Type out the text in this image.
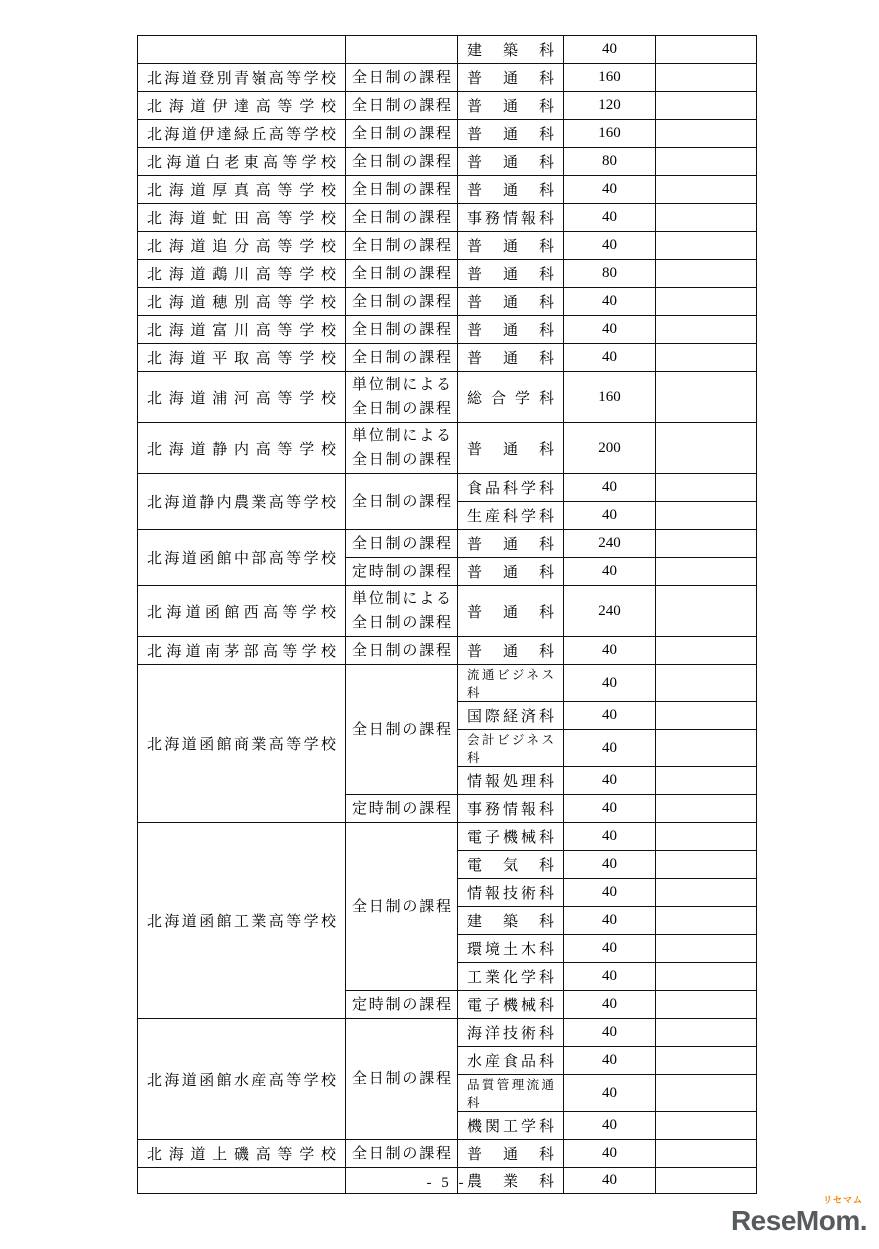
		建築科	40	

北海道登別青嶺高等学校	全日制の課程	普通科	160	

北海道伊達高等学校	全日制の課程	普通科	120	

北海道伊達緑丘高等学校	全日制の課程	普通科	160	

北海道白老東高等学校	全日制の課程	普通科	80	

北海道厚真高等学校	全日制の課程	普通科	40	

北海道虻田高等学校	全日制の課程	事務情報科	40	

北海道追分高等学校	全日制の課程	普通科	40	

北海道鵡川高等学校	全日制の課程	普通科	80	

北海道穂別高等学校	全日制の課程	普通科	40	

北海道富川高等学校	全日制の課程	普通科	40	

北海道平取高等学校	全日制の課程	普通科	40	

北海道浦河高等学校	単位制による
全日制の課程	総合学科	160	

北海道静内高等学校	単位制による
全日制の課程	普通科	200	

北海道静内農業高等学校	全日制の課程	食品科学科	40	

		生産科学科	40	

北海道函館中部高等学校	全日制の課程	普通科	240	

	定時制の課程	普通科	40	

北海道函館西高等学校	単位制による
全日制の課程	普通科	240	

北海道南茅部高等学校	全日制の課程	普通科	40	

北海道函館商業高等学校	全日制の課程	流通ビジネス科	40	

		国際経済科	40	

		会計ビジネス科	40	

		情報処理科	40	

	定時制の課程	事務情報科	40	

北海道函館工業高等学校	全日制の課程	電子機械科	40	

		電気科	40	

		情報技術科	40	

		建築科	40	

		環境土木科	40	

		工業化学科	40	

	定時制の課程	電子機械科	40	

北海道函館水産高等学校	全日制の課程	海洋技術科	40	

		水産食品科	40	

		品質管理流通科	40	

		機関工学科	40	

北海道上磯高等学校	全日制の課程	普通科	40	

		農業科	40	
- 5 -
リセマム
ReseMom.
